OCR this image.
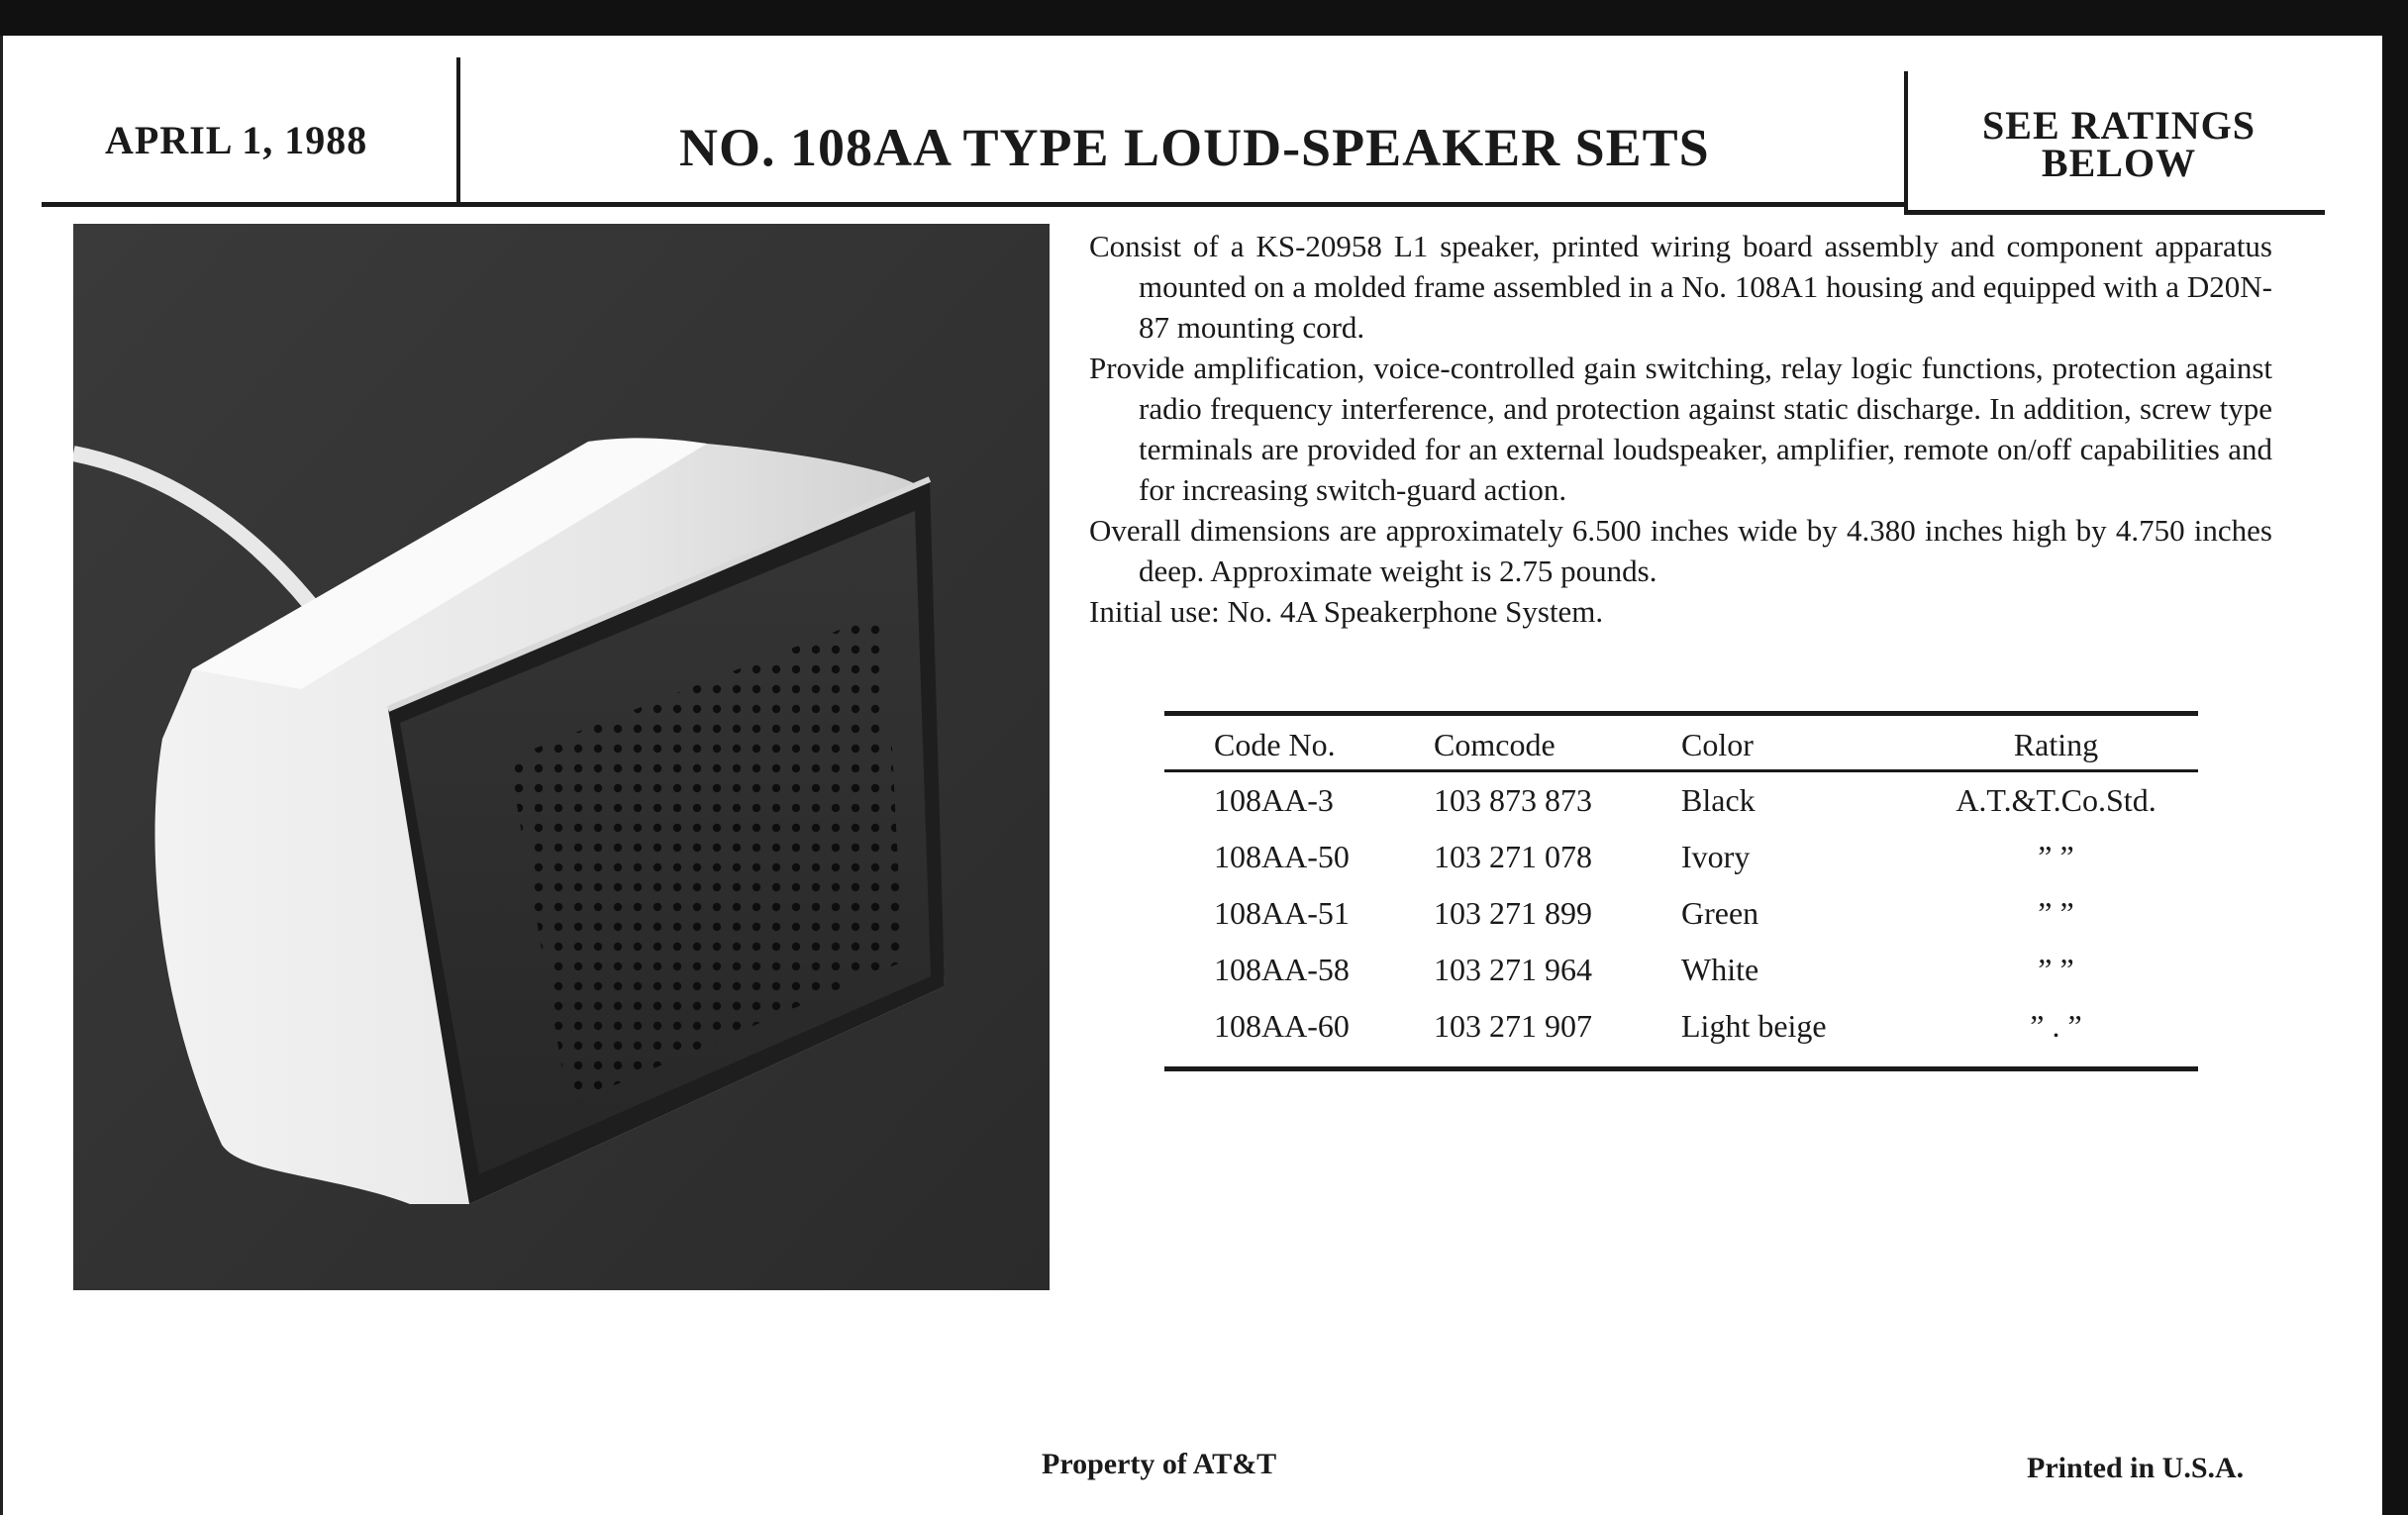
APRIL 1, 1988	NO. 108AA TYPE LOUD-SPEAKER SETS	SEE RATINGS
BELOW

Consist of a KS-20958 L1 speaker, printed wiring board assembly and component apparatus mounted on a molded frame assembled in a No. 108A1 housing and equipped with a D20N-87 mounting cord.

Provide amplification, voice-controlled gain switching, relay logic functions, protection against radio frequency interference, and protection against static discharge. In addition, screw type terminals are provided for an external loudspeaker, amplifier, remote on/off capabilities and for increasing switch-guard action.

Overall dimensions are approximately 6.500 inches wide by 4.380 inches high by 4.750 inches deep. Approximate weight is 2.75 pounds.

Initial use: No. 4A Speakerphone System.

Code No.	Comcode	Color	Rating

108AA-3	103 873 873	Black	A.T.&T.Co.Std.
108AA-50	103 271 078	Ivory	” ”
108AA-51	103 271 899	Green	” ”
108AA-58	103 271 964	White	” ”
108AA-60	103 271 907	Light beige	” . ”
Property of AT&T	Printed in U.S.A.
